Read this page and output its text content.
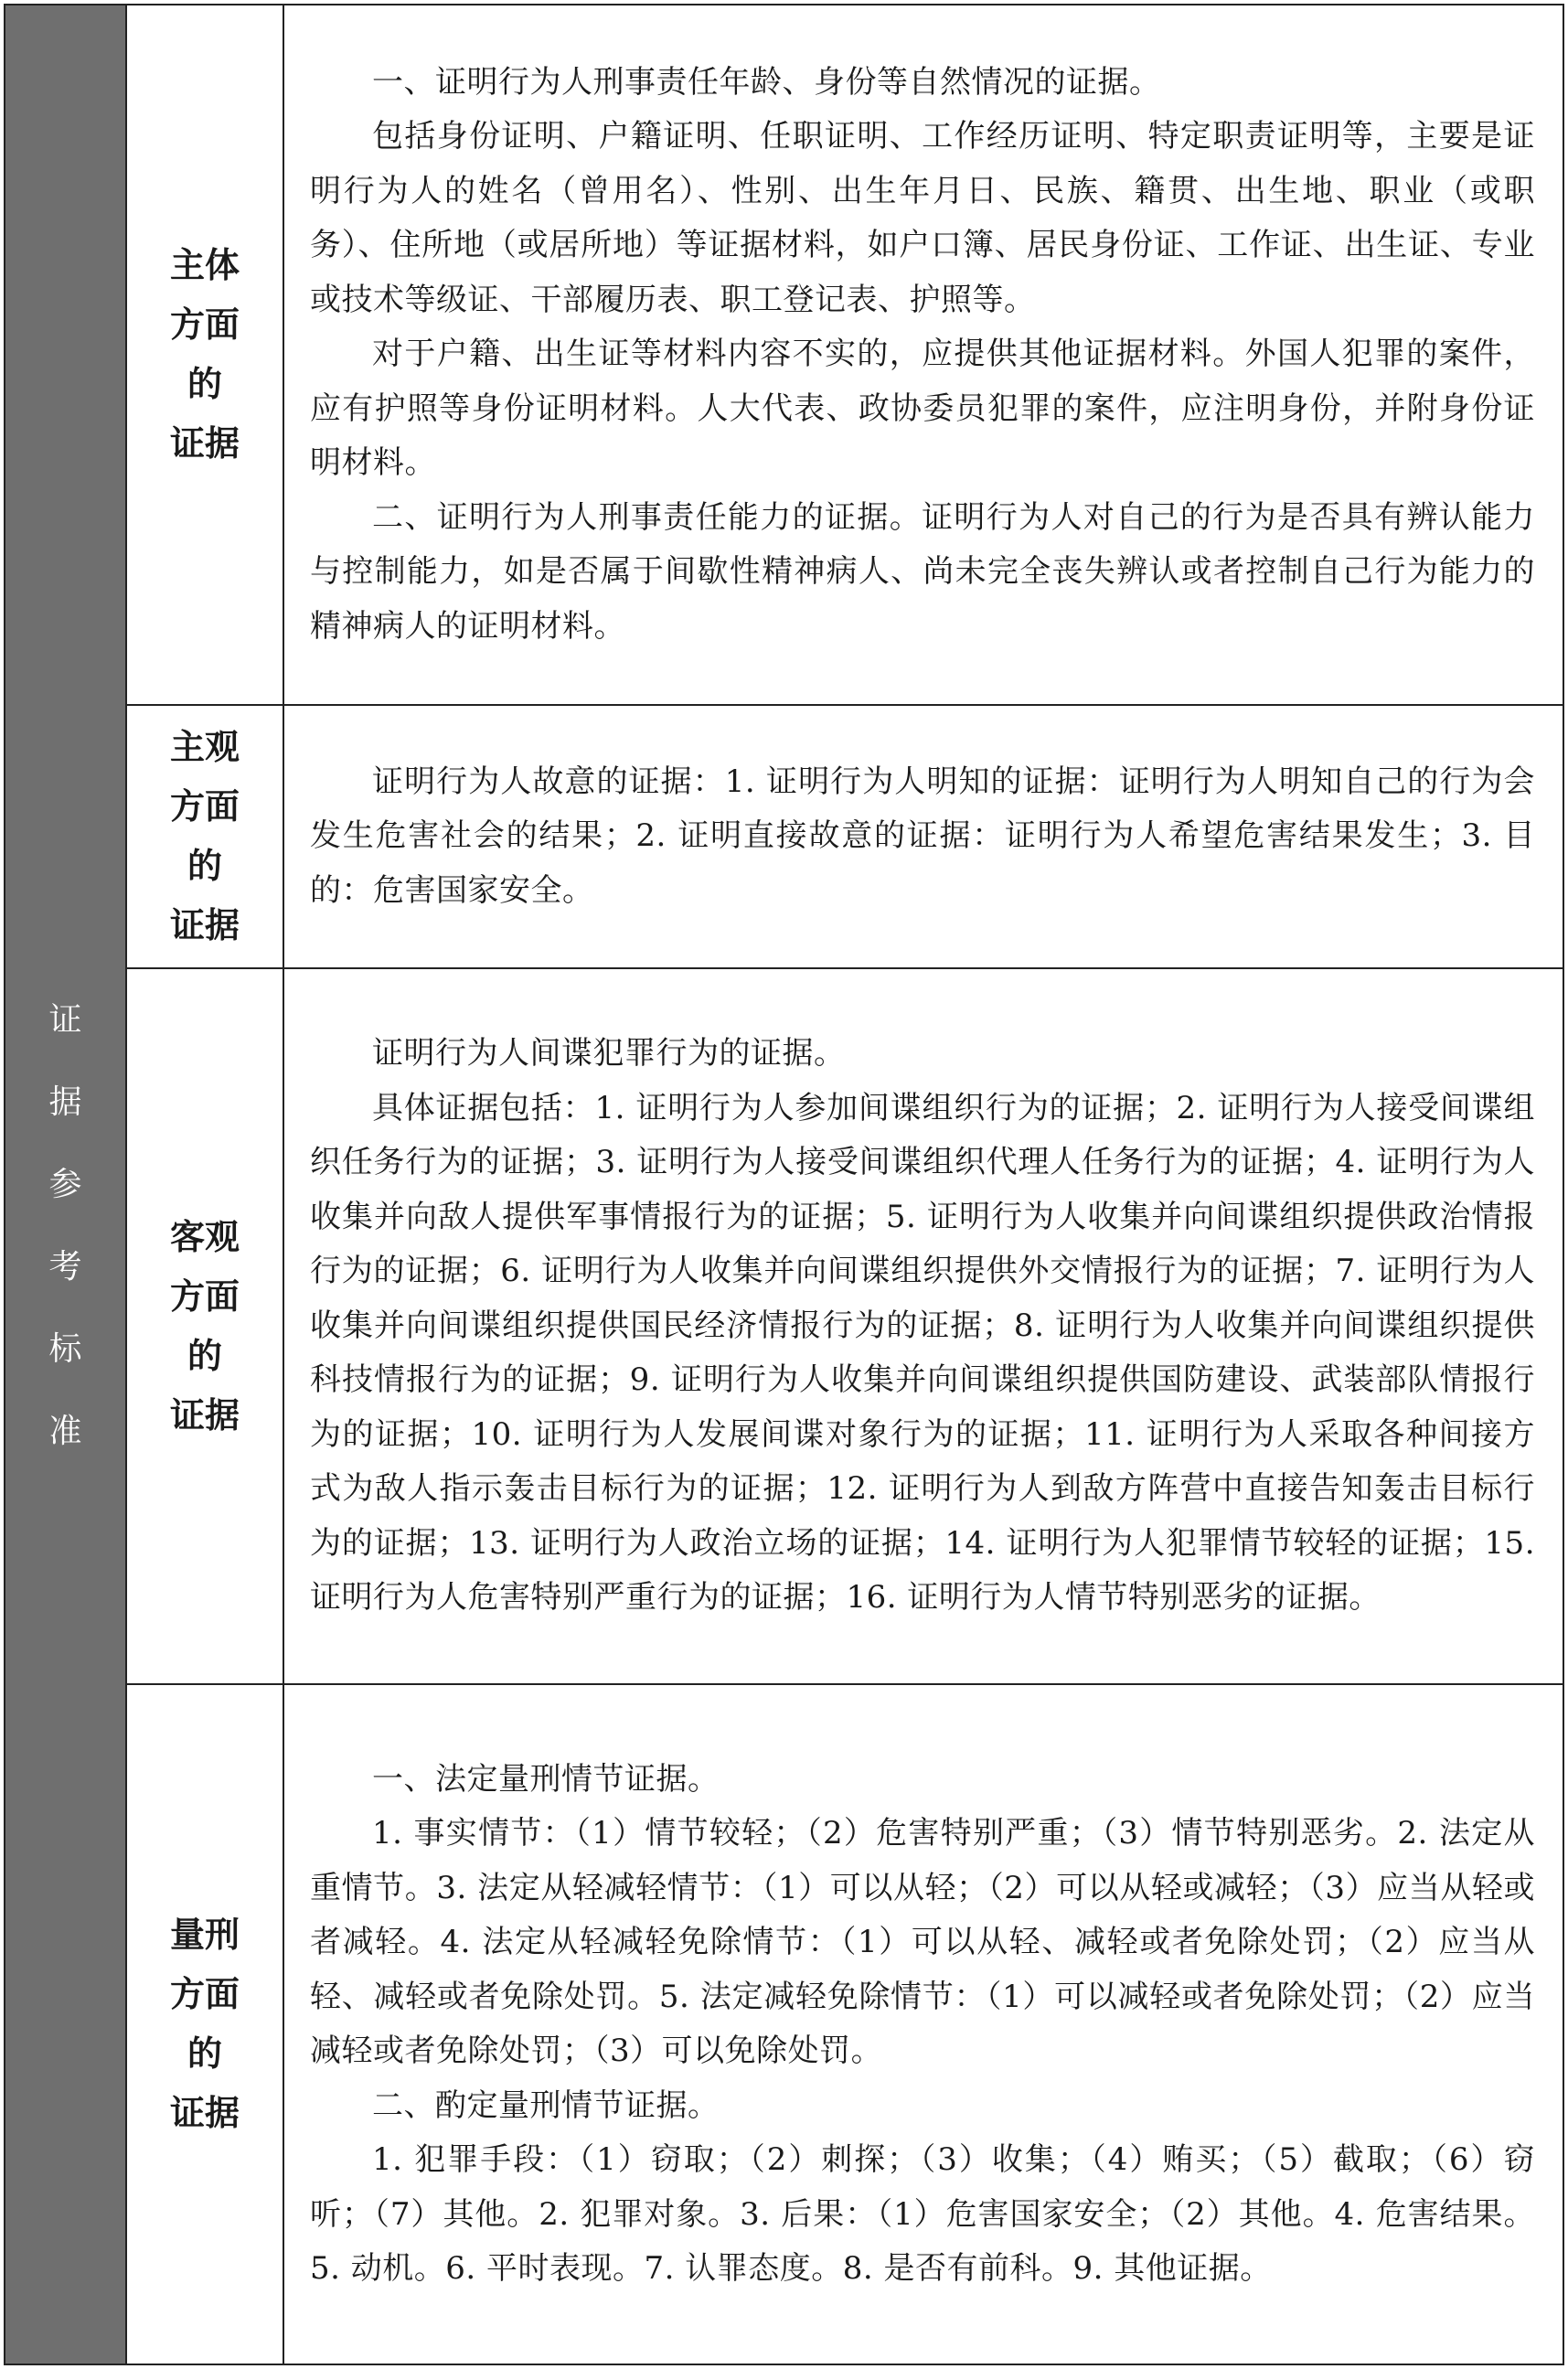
证
据
参
考
标
准
主体
方面
的
证据

一、证明行为人刑事责任年龄、身份等自然情况的证据。

包括身份证明、户籍证明、任职证明、工作经历证明、特定职责证明等，主要是证明行为人的姓名（曾用名）、性别、出生年月日、民族、籍贯、出生地、职业（或职务）、住所地（或居所地）等证据材料，如户口簿、居民身份证、工作证、出生证、专业或技术等级证、干部履历表、职工登记表、护照等。

对于户籍、出生证等材料内容不实的，应提供其他证据材料。外国人犯罪的案件，应有护照等身份证明材料。人大代表、政协委员犯罪的案件，应注明身份，并附身份证明材料。

二、证明行为人刑事责任能力的证据。证明行为人对自己的行为是否具有辨认能力与控制能力，如是否属于间歇性精神病人、尚未完全丧失辨认或者控制自己行为能力的精神病人的证明材料。

主观
方面
的
证据

证明行为人故意的证据：1. 证明行为人明知的证据：证明行为人明知自己的行为会发生危害社会的结果；2. 证明直接故意的证据：证明行为人希望危害结果发生；3. 目的：危害国家安全。

客观
方面
的
证据

证明行为人间谍犯罪行为的证据。

具体证据包括：1. 证明行为人参加间谍组织行为的证据；2. 证明行为人接受间谍组织任务行为的证据；3. 证明行为人接受间谍组织代理人任务行为的证据；4. 证明行为人收集并向敌人提供军事情报行为的证据；5. 证明行为人收集并向间谍组织提供政治情报行为的证据；6. 证明行为人收集并向间谍组织提供外交情报行为的证据；7. 证明行为人收集并向间谍组织提供国民经济情报行为的证据；8. 证明行为人收集并向间谍组织提供科技情报行为的证据；9. 证明行为人收集并向间谍组织提供国防建设、武装部队情报行为的证据；10. 证明行为人发展间谍对象行为的证据；11. 证明行为人采取各种间接方式为敌人指示轰击目标行为的证据；12. 证明行为人到敌方阵营中直接告知轰击目标行为的证据；13. 证明行为人政治立场的证据；14. 证明行为人犯罪情节较轻的证据；15. 证明行为人危害特别严重行为的证据；16. 证明行为人情节特别恶劣的证据。

量刑
方面
的
证据

一、法定量刑情节证据。

1. 事实情节：（1）情节较轻；（2）危害特别严重；（3）情节特别恶劣。2. 法定从重情节。3. 法定从轻减轻情节：（1）可以从轻；（2）可以从轻或减轻；（3）应当从轻或者减轻。4. 法定从轻减轻免除情节：（1）可以从轻、减轻或者免除处罚；（2）应当从轻、减轻或者免除处罚。5. 法定减轻免除情节：（1）可以减轻或者免除处罚；（2）应当减轻或者免除处罚；（3）可以免除处罚。

二、酌定量刑情节证据。

1. 犯罪手段：（1）窃取；（2）刺探；（3）收集；（4）贿买；（5）截取；（6）窃听；（7）其他。2. 犯罪对象。3. 后果：（1）危害国家安全；（2）其他。4. 危害结果。5. 动机。6. 平时表现。7. 认罪态度。8. 是否有前科。9. 其他证据。
